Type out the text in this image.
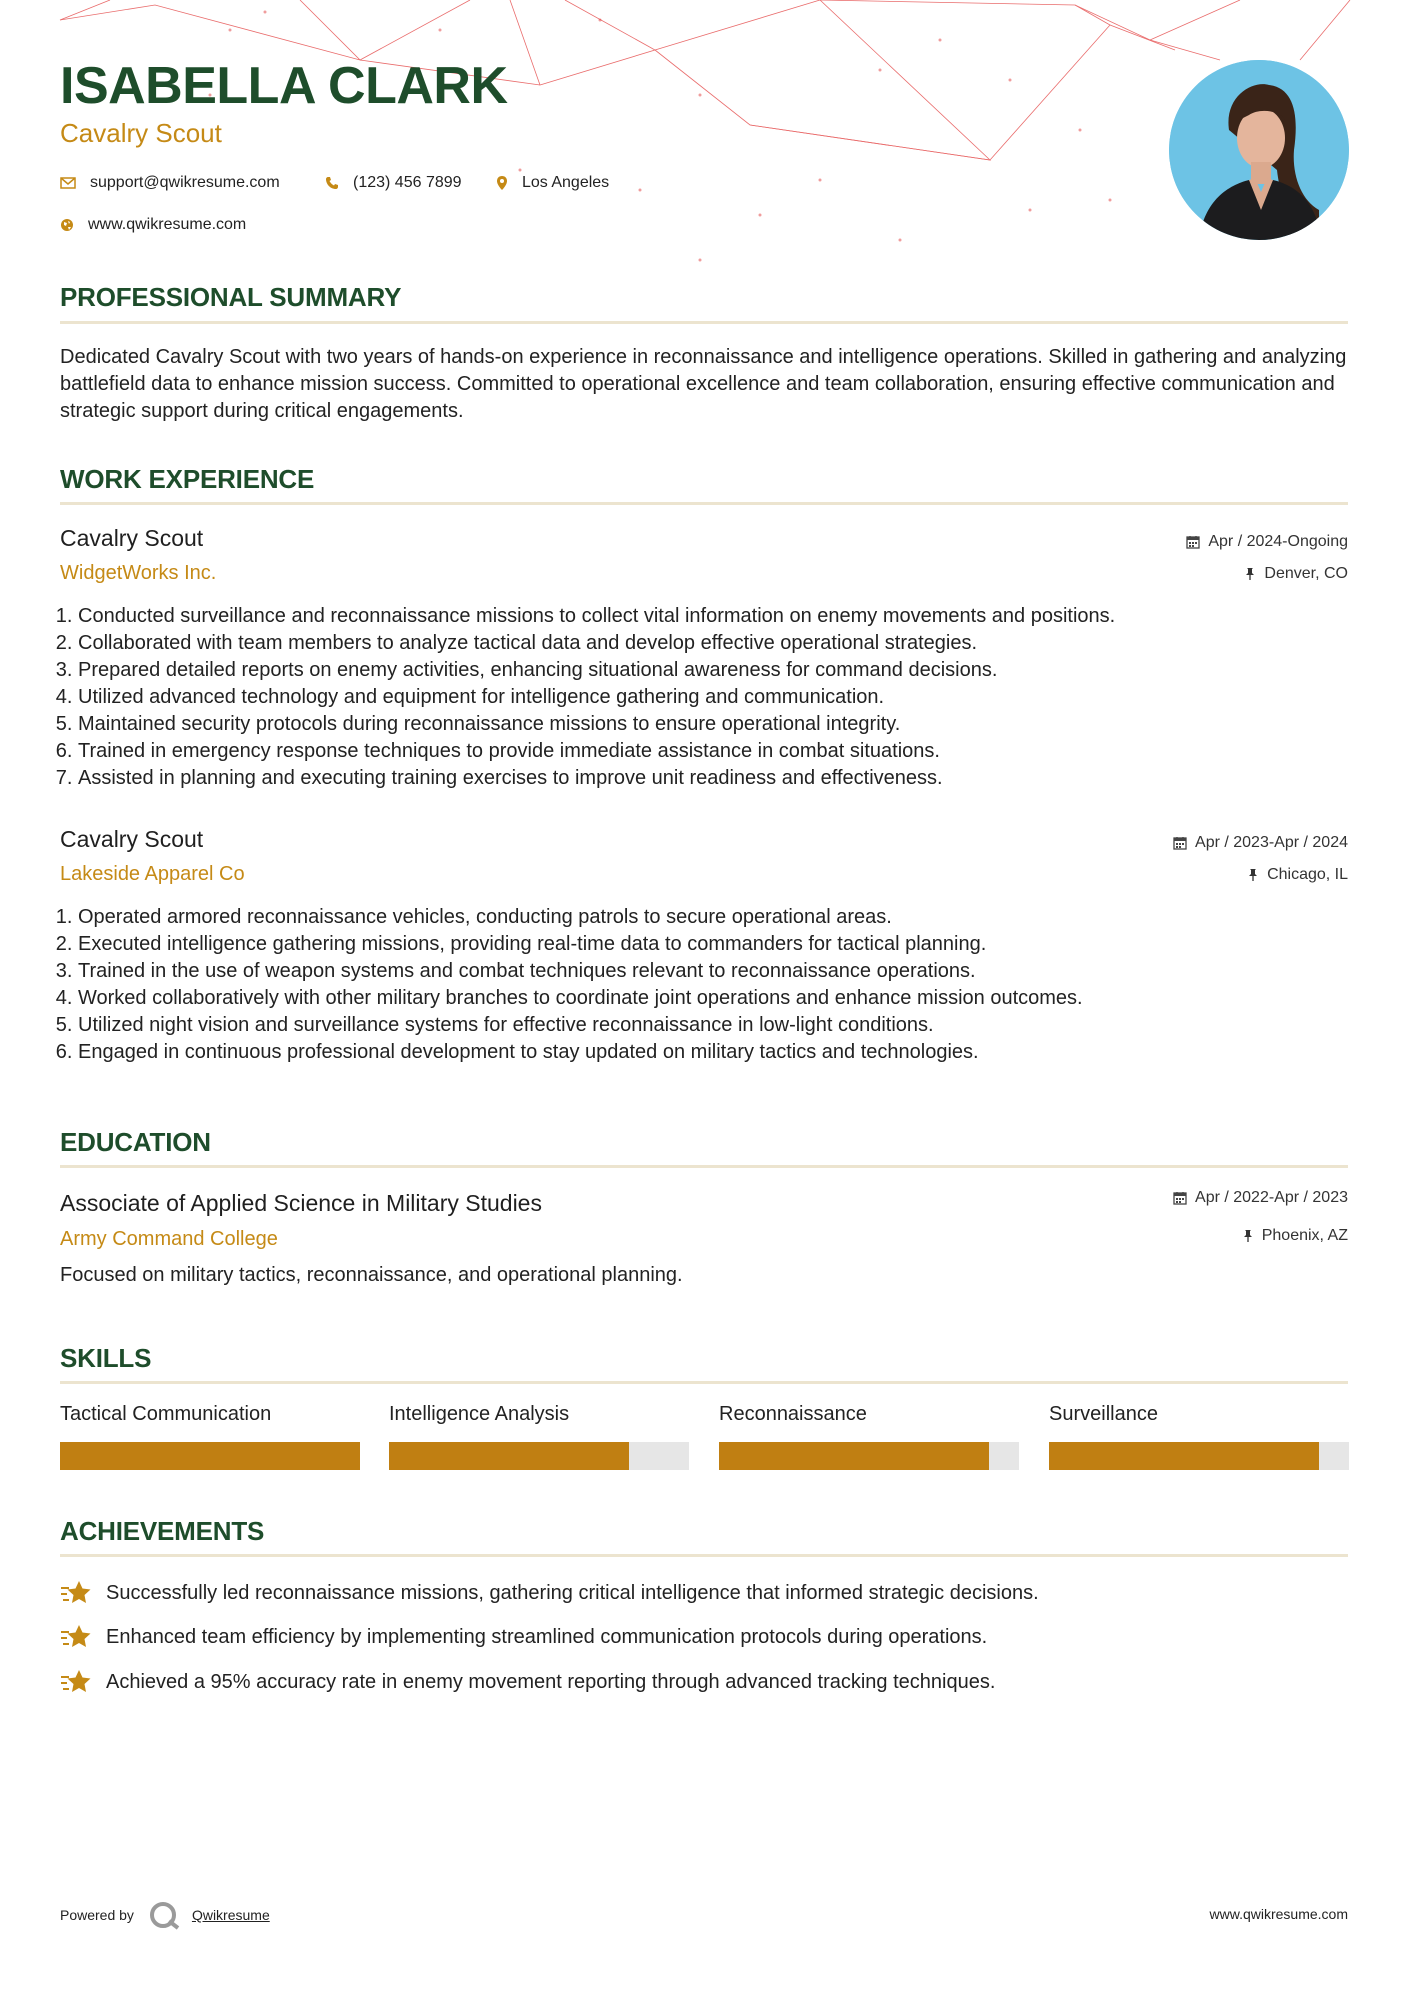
ISABELLA CLARK
Cavalry Scout
support@qwikresume.com	(123) 456 7899	Los Angeles
www.qwikresume.com
PROFESSIONAL SUMMARY

Dedicated Cavalry Scout with two years of hands-on experience in reconnaissance and intelligence operations. Skilled in gathering and analyzing battlefield data to enhance mission success. Committed to operational excellence and team collaboration, ensuring effective communication and strategic support during critical engagements.

WORK EXPERIENCE
Cavalry Scout
WidgetWorks Inc.
Apr / 2024-Ongoing
Denver, CO
1. Conducted surveillance and reconnaissance missions to collect vital information on enemy movements and positions.
2. Collaborated with team members to analyze tactical data and develop effective operational strategies.
3. Prepared detailed reports on enemy activities, enhancing situational awareness for command decisions.
4. Utilized advanced technology and equipment for intelligence gathering and communication.
5. Maintained security protocols during reconnaissance missions to ensure operational integrity.
6. Trained in emergency response techniques to provide immediate assistance in combat situations.
7. Assisted in planning and executing training exercises to improve unit readiness and effectiveness.
Cavalry Scout
Lakeside Apparel Co
Apr / 2023-Apr / 2024
Chicago, IL
1. Operated armored reconnaissance vehicles, conducting patrols to secure operational areas.
2. Executed intelligence gathering missions, providing real-time data to commanders for tactical planning.
3. Trained in the use of weapon systems and combat techniques relevant to reconnaissance operations.
4. Worked collaboratively with other military branches to coordinate joint operations and enhance mission outcomes.
5. Utilized night vision and surveillance systems for effective reconnaissance in low-light conditions.
6. Engaged in continuous professional development to stay updated on military tactics and technologies.
EDUCATION
Associate of Applied Science in Military Studies
Army Command College
Apr / 2022-Apr / 2023
Phoenix, AZ

Focused on military tactics, reconnaissance, and operational planning.

SKILLS
Tactical Communication	Intelligence Analysis	Reconnaissance	Surveillance
ACHIEVEMENTS
Successfully led reconnaissance missions, gathering critical intelligence that informed strategic decisions.
Enhanced team efficiency by implementing streamlined communication protocols during operations.
Achieved a 95% accuracy rate in enemy movement reporting through advanced tracking techniques.
Powered by	Qwikresume	www.qwikresume.com
